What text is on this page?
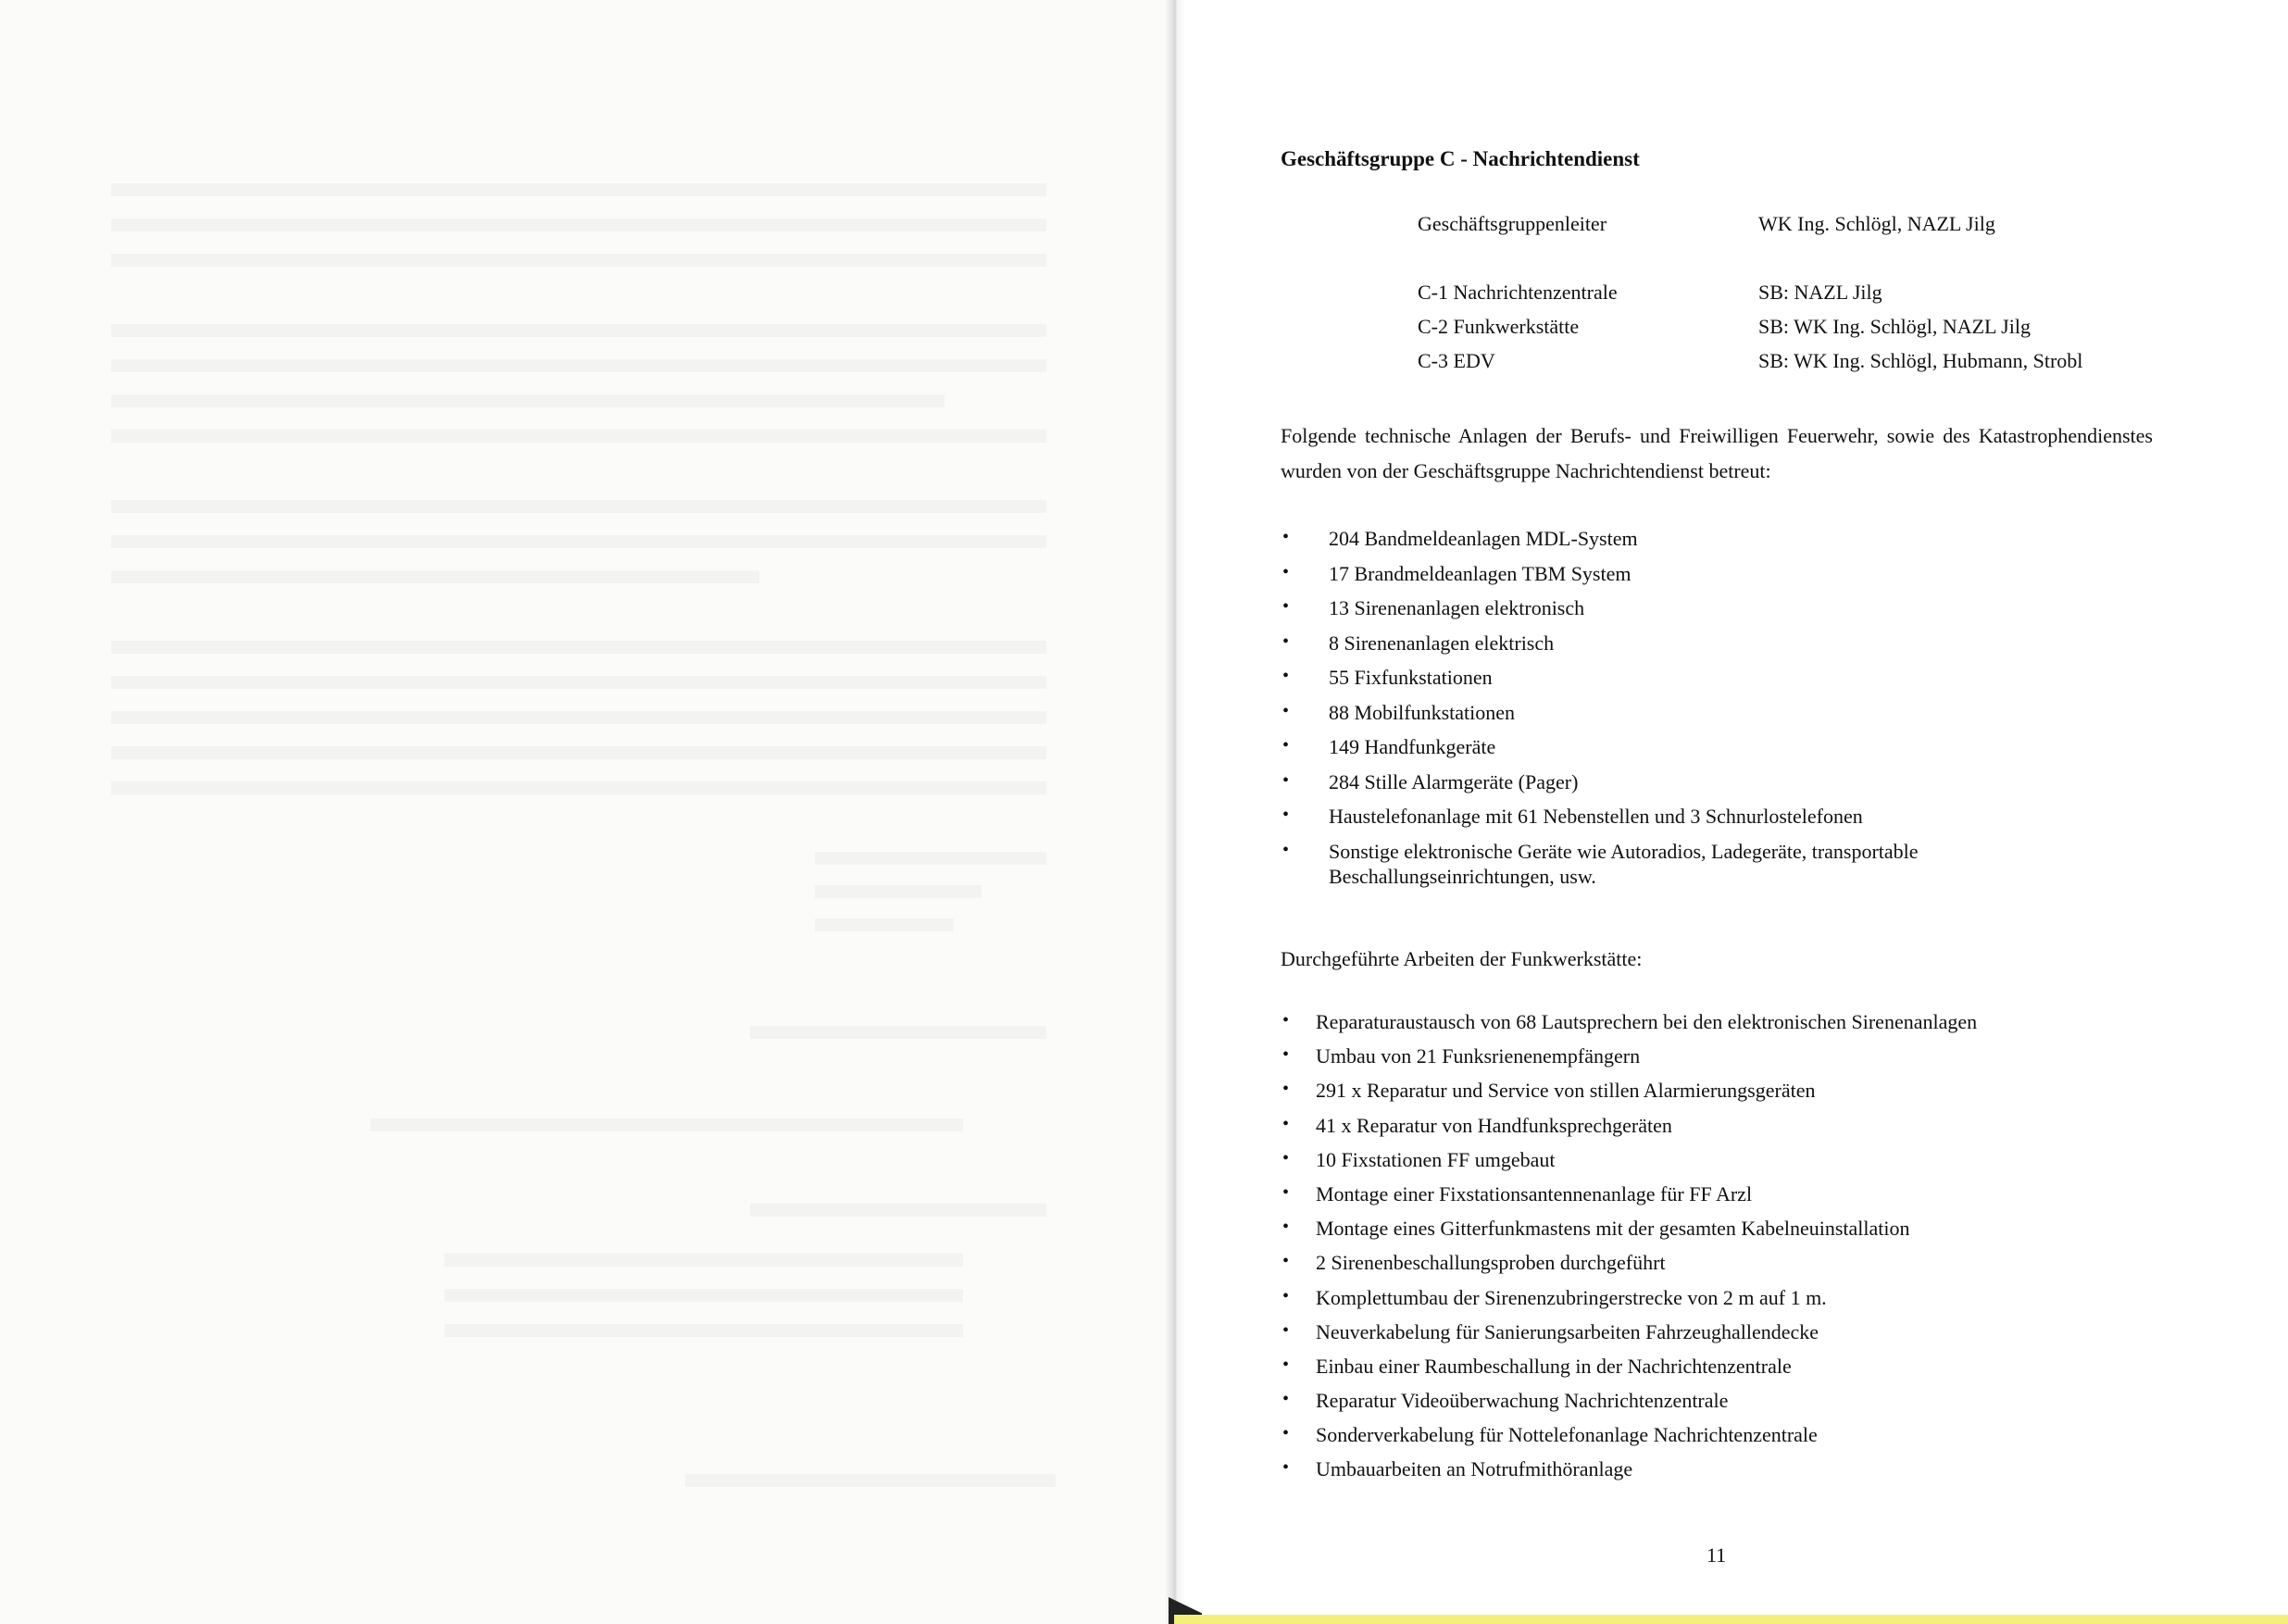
Geschäftsgruppe C - Nachrichtendienst
Geschäftsgruppenleiter	WK Ing. Schlögl, NAZL Jilg
C-1 Nachrichtenzentrale	SB: NAZL Jilg
C-2 Funkwerkstätte	SB: WK Ing. Schlögl, NAZL Jilg
C-3 EDV	SB: WK Ing. Schlögl, Hubmann, Strobl
Folgende technische Anlagen der Berufs- und Freiwilligen Feuerwehr, sowie des Katastrophendienstes wurden von der Geschäftsgruppe Nachrichtendienst betreut:
• 204 Bandmeldeanlagen MDL-System
• 17 Brandmeldeanlagen TBM System
• 13 Sirenenanlagen elektronisch
• 8 Sirenenanlagen elektrisch
• 55 Fixfunkstationen
• 88 Mobilfunkstationen
• 149 Handfunkgeräte
• 284 Stille Alarmgeräte (Pager)
• Haustelefonanlage mit 61 Nebenstellen und 3 Schnurlostelefonen
• Sonstige elektronische Geräte wie Autoradios, Ladegeräte, transportable
Beschallungseinrichtungen, usw.
Durchgeführte Arbeiten der Funkwerkstätte:
• Reparaturaustausch von 68 Lautsprechern bei den elektronischen Sirenenanlagen
• Umbau von 21 Funksrienenempfängern
• 291 x Reparatur und Service von stillen Alarmierungsgeräten
• 41 x Reparatur von Handfunksprechgeräten
• 10 Fixstationen FF umgebaut
• Montage einer Fixstationsantennenanlage für FF Arzl
• Montage eines Gitterfunkmastens mit der gesamten Kabelneuinstallation
• 2 Sirenenbeschallungsproben durchgeführt
• Komplettumbau der Sirenenzubringerstrecke von 2 m auf 1 m.
• Neuverkabelung für Sanierungsarbeiten Fahrzeughallendecke
• Einbau einer Raumbeschallung in der Nachrichtenzentrale
• Reparatur Videoüberwachung Nachrichtenzentrale
• Sonderverkabelung für Nottelefonanlage Nachrichtenzentrale
• Umbauarbeiten an Notrufmithöranlage
11
